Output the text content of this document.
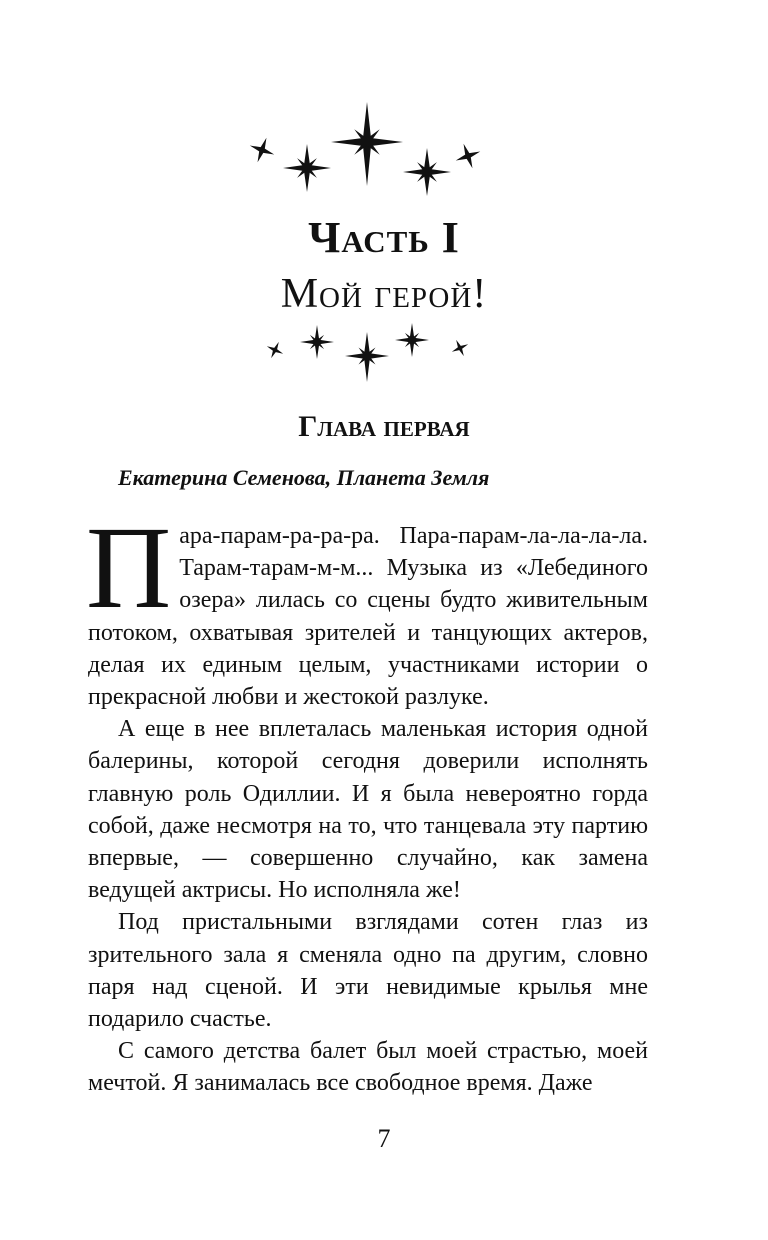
Часть I
Мой герой!
Глава первая
Екатерина Семенова, Планета Земля

Пара-парам-ра-ра-ра. Пара-парам-ла-ла-ла-ла. Тарам-тарам-м-м... Музыка из «Лебединого озера» лилась со сцены будто живительным потоком, охватывая зрителей и танцующих актеров, делая их единым целым, участниками истории о прекрасной любви и жестокой разлуке.

А еще в нее вплеталась маленькая история одной балерины, которой сегодня доверили исполнять главную роль Одиллии. И я была невероятно горда собой, даже несмотря на то, что танцевала эту партию впервые, — совершенно случайно, как замена ведущей актрисы. Но исполняла же!

Под пристальными взглядами сотен глаз из зрительного зала я сменяла одно па другим, словно паря над сценой. И эти невидимые крылья мне подарило счастье.

С самого детства балет был моей страстью, моей мечтой. Я занималась все свободное время. Даже

7
